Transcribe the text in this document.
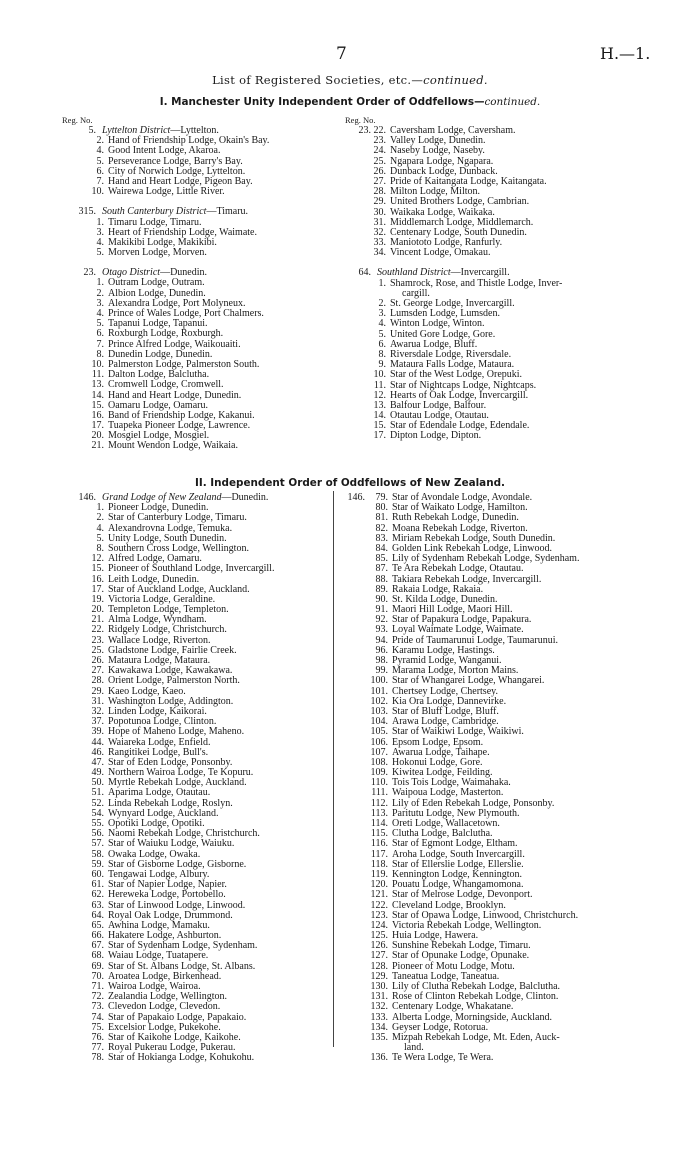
7	H.—1.
List of Registered Societies, etc.—continued.
I. Manchester Unity Independent Order of Oddfellows—continued.
Reg. No.
5. Lyttelton District—Lyttelton.
2. Hand of Friendship Lodge, Okain's Bay.
4. Good Intent Lodge, Akaroa.
5. Perseverance Lodge, Barry's Bay.
6. City of Norwich Lodge, Lyttelton.
7. Hand and Heart Lodge, Pigeon Bay.
10. Wairewa Lodge, Little River.
315. South Canterbury District—Timaru.
1. Timaru Lodge, Timaru.
3. Heart of Friendship Lodge, Waimate.
4. Makikibi Lodge, Makikibi.
5. Morven Lodge, Morven.
23. Otago District—Dunedin.
1. Outram Lodge, Outram.
2. Albion Lodge, Dunedin.
3. Alexandra Lodge, Port Molyneux.
4. Prince of Wales Lodge, Port Chalmers.
5. Tapanui Lodge, Tapanui.
6. Roxburgh Lodge, Roxburgh.
7. Prince Alfred Lodge, Waikouaiti.
8. Dunedin Lodge, Dunedin.
10. Palmerston Lodge, Palmerston South.
11. Dalton Lodge, Balclutha.
13. Cromwell Lodge, Cromwell.
14. Hand and Heart Lodge, Dunedin.
15. Oamaru Lodge, Oamaru.
16. Band of Friendship Lodge, Kakanui.
17. Tuapeka Pioneer Lodge, Lawrence.
20. Mosgiel Lodge, Mosgiel.
21. Mount Wendon Lodge, Waikaia.
Reg. No.
23. 22. Caversham Lodge, Caversham.
23. Valley Lodge, Dunedin.
24. Naseby Lodge, Naseby.
25. Ngapara Lodge, Ngapara.
26. Dunback Lodge, Dunback.
27. Pride of Kaitangata Lodge, Kaitangata.
28. Milton Lodge, Milton.
29. United Brothers Lodge, Cambrian.
30. Waikaka Lodge, Waikaka.
31. Middlemarch Lodge, Middlemarch.
32. Centenary Lodge, South Dunedin.
33. Maniototo Lodge, Ranfurly.
34. Vincent Lodge, Omakau.
64. Southland District—Invercargill.
1. Shamrock, Rose, and Thistle Lodge, Inver-
cargill.
2. St. George Lodge, Invercargill.
3. Lumsden Lodge, Lumsden.
4. Winton Lodge, Winton.
5. United Gore Lodge, Gore.
6. Awarua Lodge, Bluff.
8. Riversdale Lodge, Riversdale.
9. Mataura Falls Lodge, Mataura.
10. Star of the West Lodge, Orepuki.
11. Star of Nightcaps Lodge, Nightcaps.
12. Hearts of Oak Lodge, Invercargill.
13. Balfour Lodge, Balfour.
14. Otautau Lodge, Otautau.
15. Star of Edendale Lodge, Edendale.
17. Dipton Lodge, Dipton.
II. Independent Order of Oddfellows of New Zealand.
146. Grand Lodge of New Zealand—Dunedin.
1. Pioneer Lodge, Dunedin.
2. Star of Canterbury Lodge, Timaru.
4. Alexandrovna Lodge, Temuka.
5. Unity Lodge, South Dunedin.
8. Southern Cross Lodge, Wellington.
12. Alfred Lodge, Oamaru.
15. Pioneer of Southland Lodge, Invercargill.
16. Leith Lodge, Dunedin.
17. Star of Auckland Lodge, Auckland.
19. Victoria Lodge, Geraldine.
20. Templeton Lodge, Templeton.
21. Alma Lodge, Wyndham.
22. Ridgely Lodge, Christchurch.
23. Wallace Lodge, Riverton.
25. Gladstone Lodge, Fairlie Creek.
26. Mataura Lodge, Mataura.
27. Kawakawa Lodge, Kawakawa.
28. Orient Lodge, Palmerston North.
29. Kaeo Lodge, Kaeo.
31. Washington Lodge, Addington.
32. Linden Lodge, Kaikorai.
37. Popotunoa Lodge, Clinton.
39. Hope of Maheno Lodge, Maheno.
44. Waiareka Lodge, Enfield.
46. Rangitikei Lodge, Bull's.
47. Star of Eden Lodge, Ponsonby.
49. Northern Wairoa Lodge, Te Kopuru.
50. Myrtle Rebekah Lodge, Auckland.
51. Aparima Lodge, Otautau.
52. Linda Rebekah Lodge, Roslyn.
54. Wynyard Lodge, Auckland.
55. Opotiki Lodge, Opotiki.
56. Naomi Rebekah Lodge, Christchurch.
57. Star of Waiuku Lodge, Waiuku.
58. Owaka Lodge, Owaka.
59. Star of Gisborne Lodge, Gisborne.
60. Tengawai Lodge, Albury.
61. Star of Napier Lodge, Napier.
62. Hereweka Lodge, Portobello.
63. Star of Linwood Lodge, Linwood.
64. Royal Oak Lodge, Drummond.
65. Awhina Lodge, Mamaku.
66. Hakatere Lodge, Ashburton.
67. Star of Sydenham Lodge, Sydenham.
68. Waiau Lodge, Tuatapere.
69. Star of St. Albans Lodge, St. Albans.
70. Aroatea Lodge, Birkenhead.
71. Wairoa Lodge, Wairoa.
72. Zealandia Lodge, Wellington.
73. Clevedon Lodge, Clevedon.
74. Star of Papakaio Lodge, Papakaio.
75. Excelsior Lodge, Pukekohe.
76. Star of Kaikohe Lodge, Kaikohe.
77. Royal Pukerau Lodge, Pukerau.
78. Star of Hokianga Lodge, Kohukohu.
146.	79. Star of Avondale Lodge, Avondale.
80. Star of Waikato Lodge, Hamilton.
81. Ruth Rebekah Lodge, Dunedin.
82. Moana Rebekah Lodge, Riverton.
83. Miriam Rebekah Lodge, South Dunedin.
84. Golden Link Rebekah Lodge, Linwood.
85. Lily of Sydenham Rebekah Lodge, Sydenham.
87. Te Ara Rebekah Lodge, Otautau.
88. Takiara Rebekah Lodge, Invercargill.
89. Rakaia Lodge, Rakaia.
90. St. Kilda Lodge, Dunedin.
91. Maori Hill Lodge, Maori Hill.
92. Star of Papakura Lodge, Papakura.
93. Loyal Waimate Lodge, Waimate.
94. Pride of Taumarunui Lodge, Taumarunui.
96. Karamu Lodge, Hastings.
98. Pyramid Lodge, Wanganui.
99. Marama Lodge, Morton Mains.
100. Star of Whangarei Lodge, Whangarei.
101. Chertsey Lodge, Chertsey.
102. Kia Ora Lodge, Dannevirke.
103. Star of Bluff Lodge, Bluff.
104. Arawa Lodge, Cambridge.
105. Star of Waikiwi Lodge, Waikiwi.
106. Epsom Lodge, Epsom.
107. Awarua Lodge, Taihape.
108. Hokonui Lodge, Gore.
109. Kiwitea Lodge, Feilding.
110. Tois Tois Lodge, Waimahaka.
111. Waipoua Lodge, Masterton.
112. Lily of Eden Rebekah Lodge, Ponsonby.
113. Paritutu Lodge, New Plymouth.
114. Oreti Lodge, Wallacetown.
115. Clutha Lodge, Balclutha.
116. Star of Egmont Lodge, Eltham.
117. Aroha Lodge, South Invercargill.
118. Star of Ellerslie Lodge, Ellerslie.
119. Kennington Lodge, Kennington.
120. Pouatu Lodge, Whangamomona.
121. Star of Melrose Lodge, Devonport.
122. Cleveland Lodge, Brooklyn.
123. Star of Opawa Lodge, Linwood, Christchurch.
124. Victoria Rebekah Lodge, Wellington.
125. Huia Lodge, Hawera.
126. Sunshine Rebekah Lodge, Timaru.
127. Star of Opunake Lodge, Opunake.
128. Pioneer of Motu Lodge, Motu.
129. Taneatua Lodge, Taneatua.
130. Lily of Clutha Rebekah Lodge, Balclutha.
131. Rose of Clinton Rebekah Lodge, Clinton.
132. Centenary Lodge, Whakatane.
133. Alberta Lodge, Morningside, Auckland.
134. Geyser Lodge, Rotorua.
135. Mizpah Rebekah Lodge, Mt. Eden, Auck-
land.
136. Te Wera Lodge, Te Wera.
